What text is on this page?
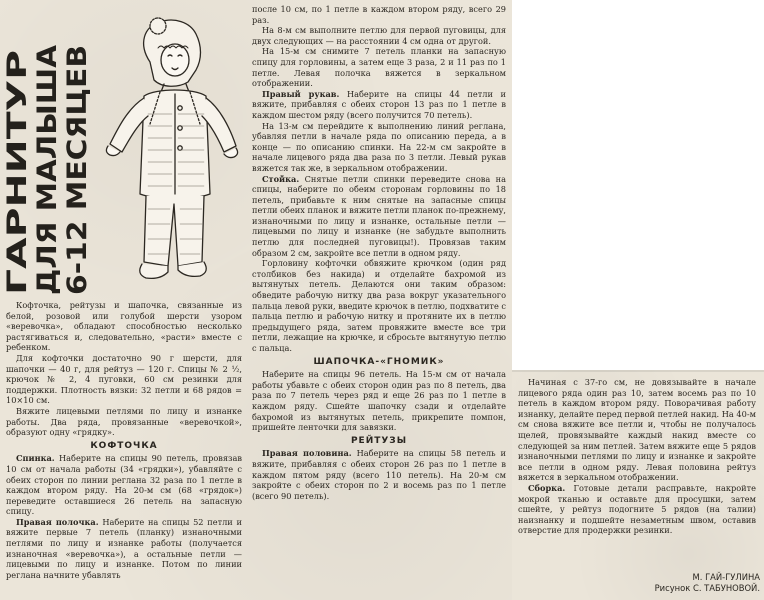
ГАРНИТУР ДЛЯ МАЛЫША 6-12 МЕСЯЦЕВ

Кофточка, рейтузы и шапочка, связанные из белой, розовой или голубой шерсти узором «веревочка», обладают способностью несколько растягиваться и, следовательно, «расти» вместе с ребенком.

Для кофточки достаточно 90 г шерсти, для шапочки — 40 г, для рейтуз — 120 г. Спицы № 2 ½, крючок № 2, 4 пуговки, 60 см резинки для поддержки. Плотность вязки: 32 петли и 68 рядов = 10×10 см.

Вяжите лицевыми петлями по лицу и изнанке работы. Два ряда, провязанные «веревочкой», образуют одну «грядку».

КОФТОЧКА

Спинка. Наберите на спицы 90 петель, провязав 10 см от начала работы (34 «грядки»), убавляйте с обеих сторон по линии реглана 32 раза по 1 петле в каждом втором ряду. На 20-м см (68 «грядок») переведите оставшиеся 26 петель на запасную спицу.

Правая полочка. Наберите на спицы 52 петли и вяжите первые 7 петель (планку) изнаночными петлями по лицу и изнанке работы (получается изнаночная «веревочка»), а остальные петли — лицевыми по лицу и изнанке. Потом по линии реглана начните убавлять

после 10 см, по 1 петле в каждом втором ряду, всего 29 раз.

На 8-м см выполните петлю для первой пуговицы, для двух следующих — на расстоянии 4 см одна от другой.

На 15-м см снимите 7 петель планки на запасную спицу для горловины, а затем еще 3 раза, 2 и 11 раз по 1 петле. Левая полочка вяжется в зеркальном отображении.

Правый рукав. Наберите на спицы 44 петли и вяжите, прибавляя с обеих сторон 13 раз по 1 петле в каждом шестом ряду (всего получится 70 петель).

На 13-м см перейдите к выполнению линий реглана, убавляя петли в начале ряда по описанию переда, а в конце — по описанию спинки. На 22-м см закройте в начале лицевого ряда два раза по 3 петли. Левый рукав вяжется так же, в зеркальном отображении.

Стойка. Снятые петли спинки переведите снова на спицы, наберите по обеим сторонам горловины по 18 петель, прибавьте к ним снятые на запасные спицы петли обеих планок и вяжите петли планок по-прежнему, изнаночными по лицу и изнанке, остальные петли — лицевыми по лицу и изнанке (не забудьте выполнить петлю для последней пуговицы!). Провязав таким образом 2 см, закройте все петли в одном ряду.

Горловину кофточки обвяжите крючком (один ряд столбиков без накида) и отделайте бахромой из вытянутых петель. Делаются они таким образом: обведите рабочую нитку два раза вокруг указательного пальца левой руки, введите крючок в петлю, подхватите с пальца петлю и рабочую нитку и протяните их в петлю предыдущего ряда, затем провяжите вместе все три петли, лежащие на крючке, и сбросьте вытянутую петлю с пальца.

ШАПОЧКА-«ГНОМИК»

Наберите на спицы 96 петель. На 15-м см от начала работы убавьте с обеих сторон один раз по 8 петель, два раза по 7 петель через ряд и еще 26 раз по 1 петле в каждом ряду. Сшейте шапочку сзади и отделайте бахромой из вытянутых петель, прикрепите помпон, пришейте ленточки для завязки.

РЕЙТУЗЫ

Правая половина. Наберите на спицы 58 петель и вяжите, прибавляя с обеих сторон 26 раз по 1 петле в каждом пятом ряду (всего 110 петель). На 20-м см закройте с обеих сторон по 2 и восемь раз по 1 петле (всего 90 петель).

Начиная с 37-го см, не довязывайте в начале лицевого ряда один раз 10, затем восемь раз по 10 петель в каждом втором ряду. Поворачивая работу изнанку, делайте перед первой петлей накид. На 40-м см снова вяжите все петли и, чтобы не получалось щелей, провязывайте каждый накид вместе со следующей за ним петлей. Затем вяжите еще 5 рядов изнаночными петлями по лицу и изнанке и закройте все петли в одном ряду. Левая половина рейтуз вяжется в зеркальном отображении.

Сборка. Готовые детали расправьте, накройте мокрой тканью и оставьте для просушки, затем сшейте, у рейтуз подогните 5 рядов (на талии) наизнанку и подшейте незаметным швом, оставив отверстие для продержки резинки.

М. ГАЙ-ГУЛИНА
Рисунок С. ТАБУНОВОЙ.
